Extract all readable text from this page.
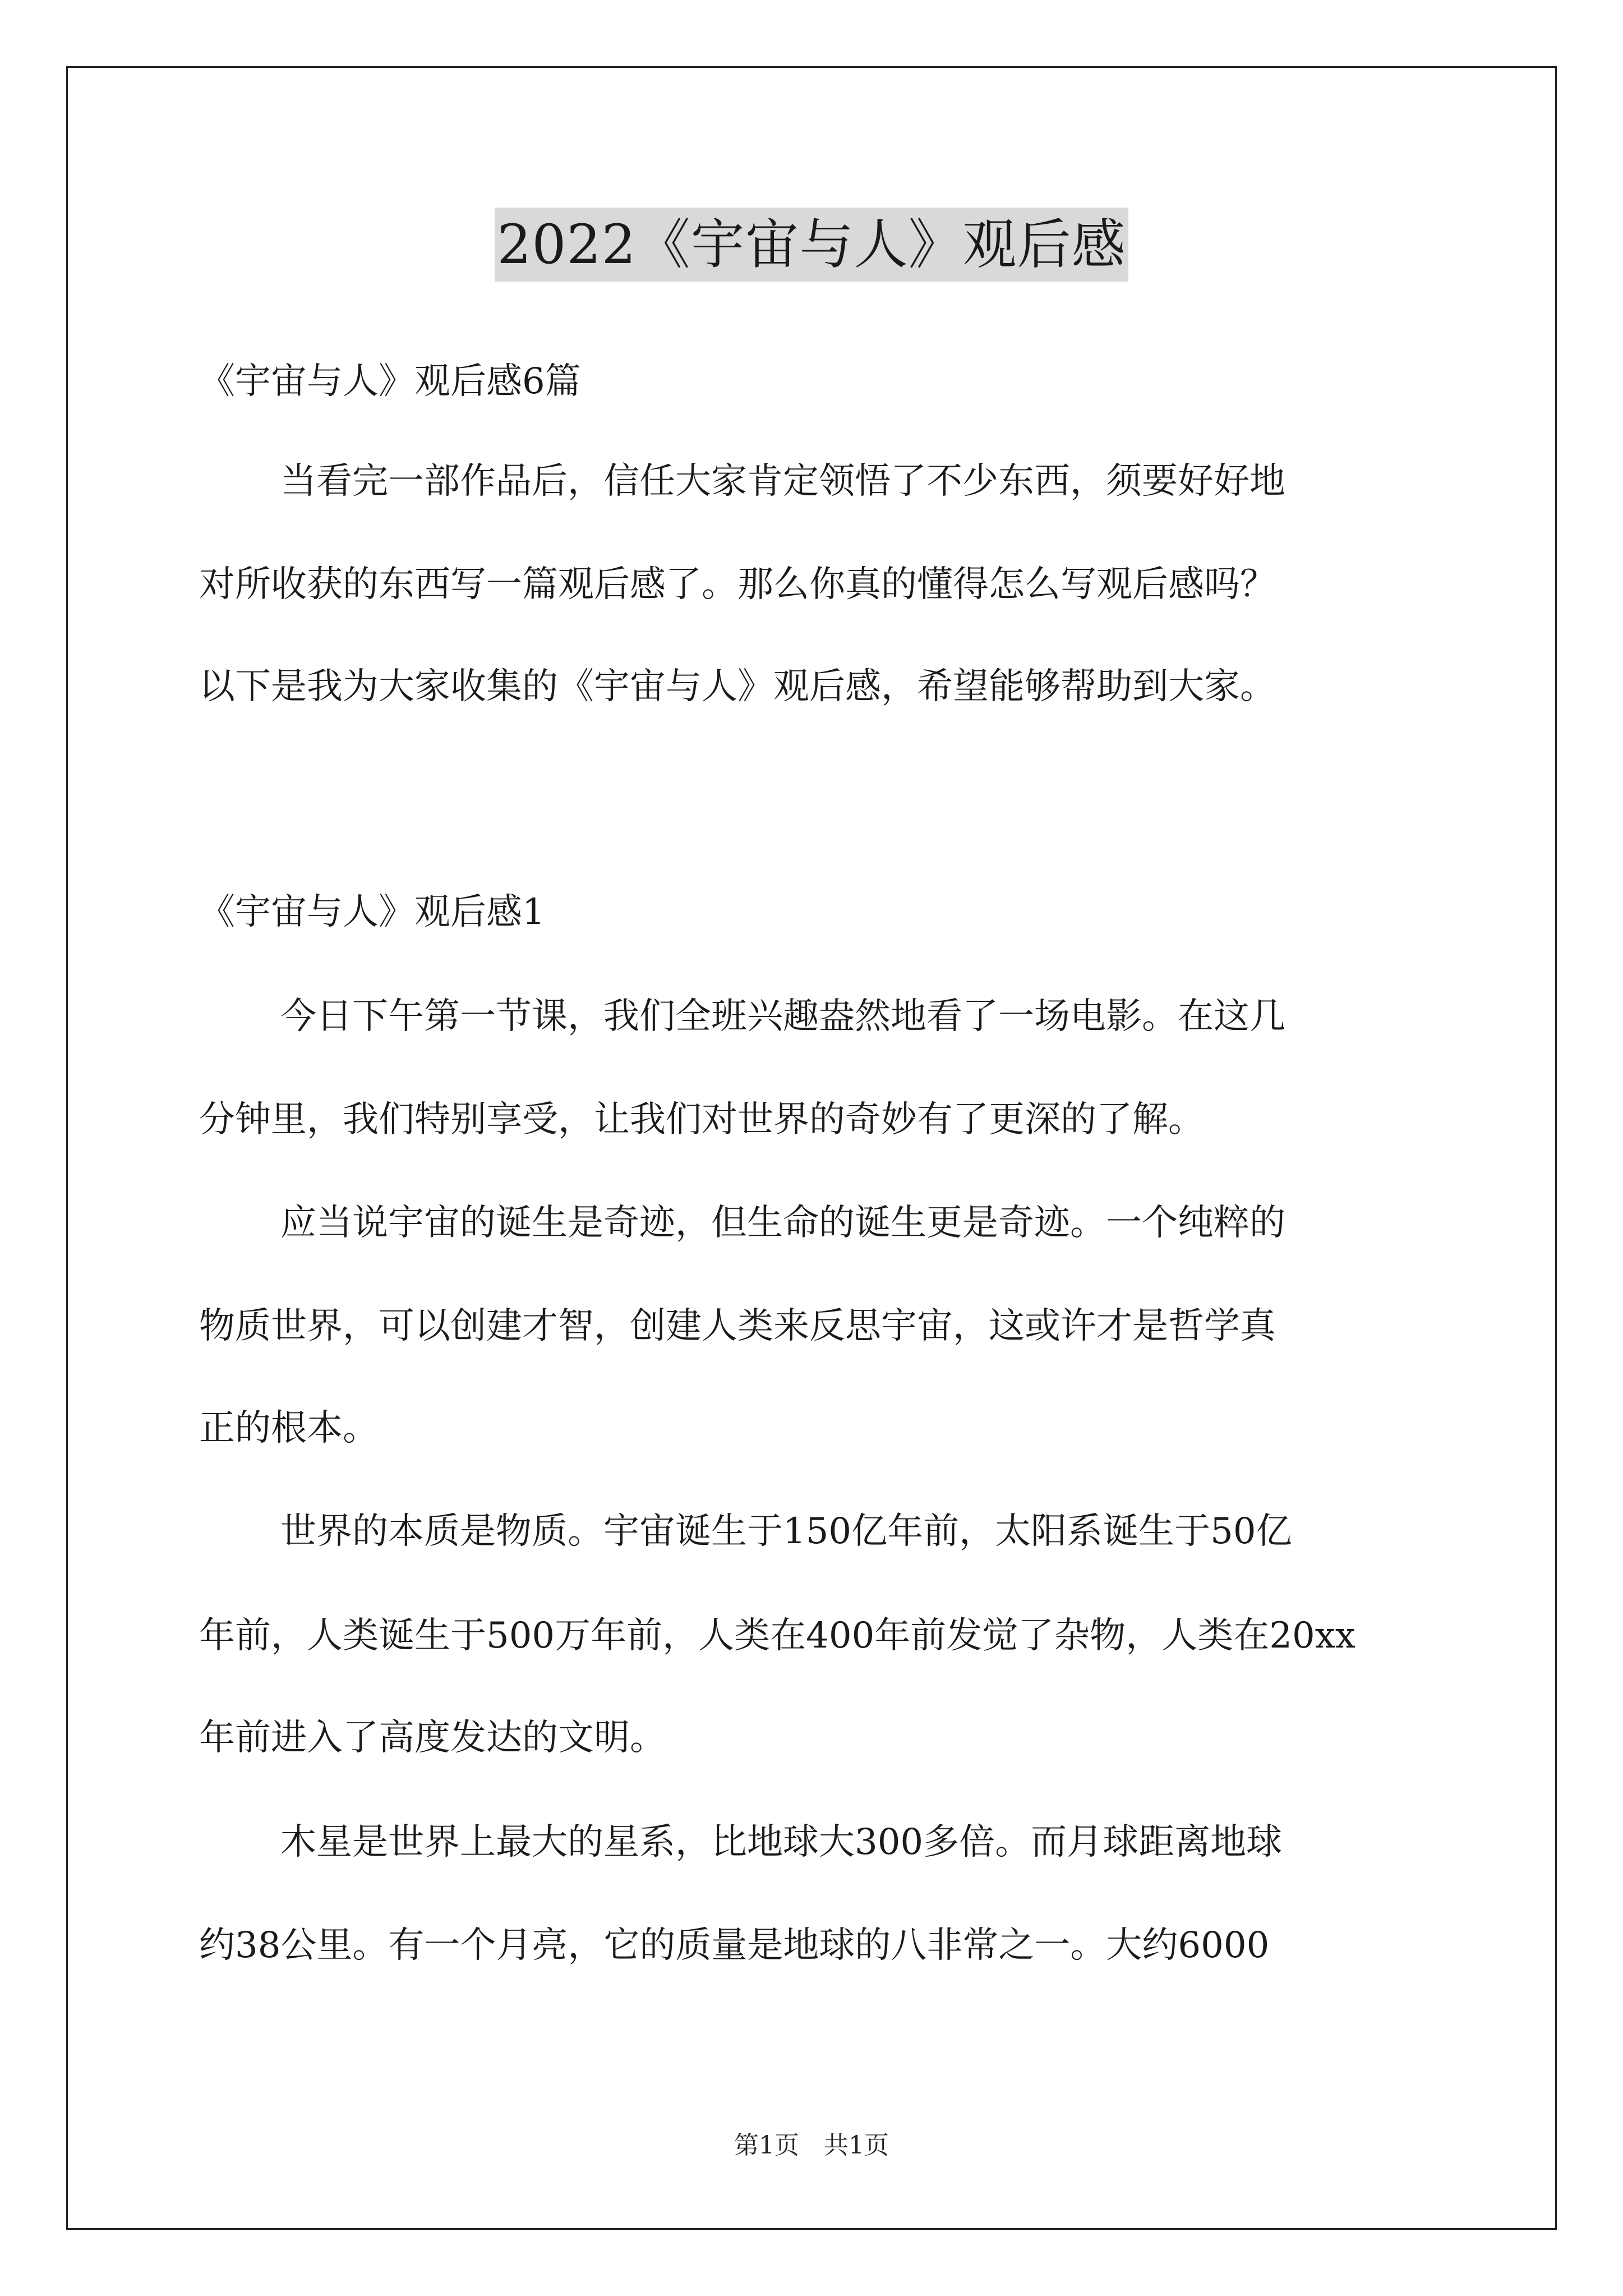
2022《宇宙与人》观后感

《宇宙与人》观后感6篇

当看完一部作品后，信任大家肯定领悟了不少东西，须要好好地

对所收获的东西写一篇观后感了。那么你真的懂得怎么写观后感吗？

以下是我为大家收集的《宇宙与人》观后感，希望能够帮助到大家。

《宇宙与人》观后感1

今日下午第一节课，我们全班兴趣盎然地看了一场电影。在这几

分钟里，我们特别享受，让我们对世界的奇妙有了更深的了解。

应当说宇宙的诞生是奇迹，但生命的诞生更是奇迹。一个纯粹的

物质世界，可以创建才智，创建人类来反思宇宙，这或许才是哲学真

正的根本。

世界的本质是物质。宇宙诞生于150亿年前，太阳系诞生于50亿

年前，人类诞生于500万年前，人类在400年前发觉了杂物，人类在20xx

年前进入了高度发达的文明。

木星是世界上最大的星系，比地球大300多倍。而月球距离地球

约38公里。有一个月亮，它的质量是地球的八非常之一。大约6000

第1页 共1页
